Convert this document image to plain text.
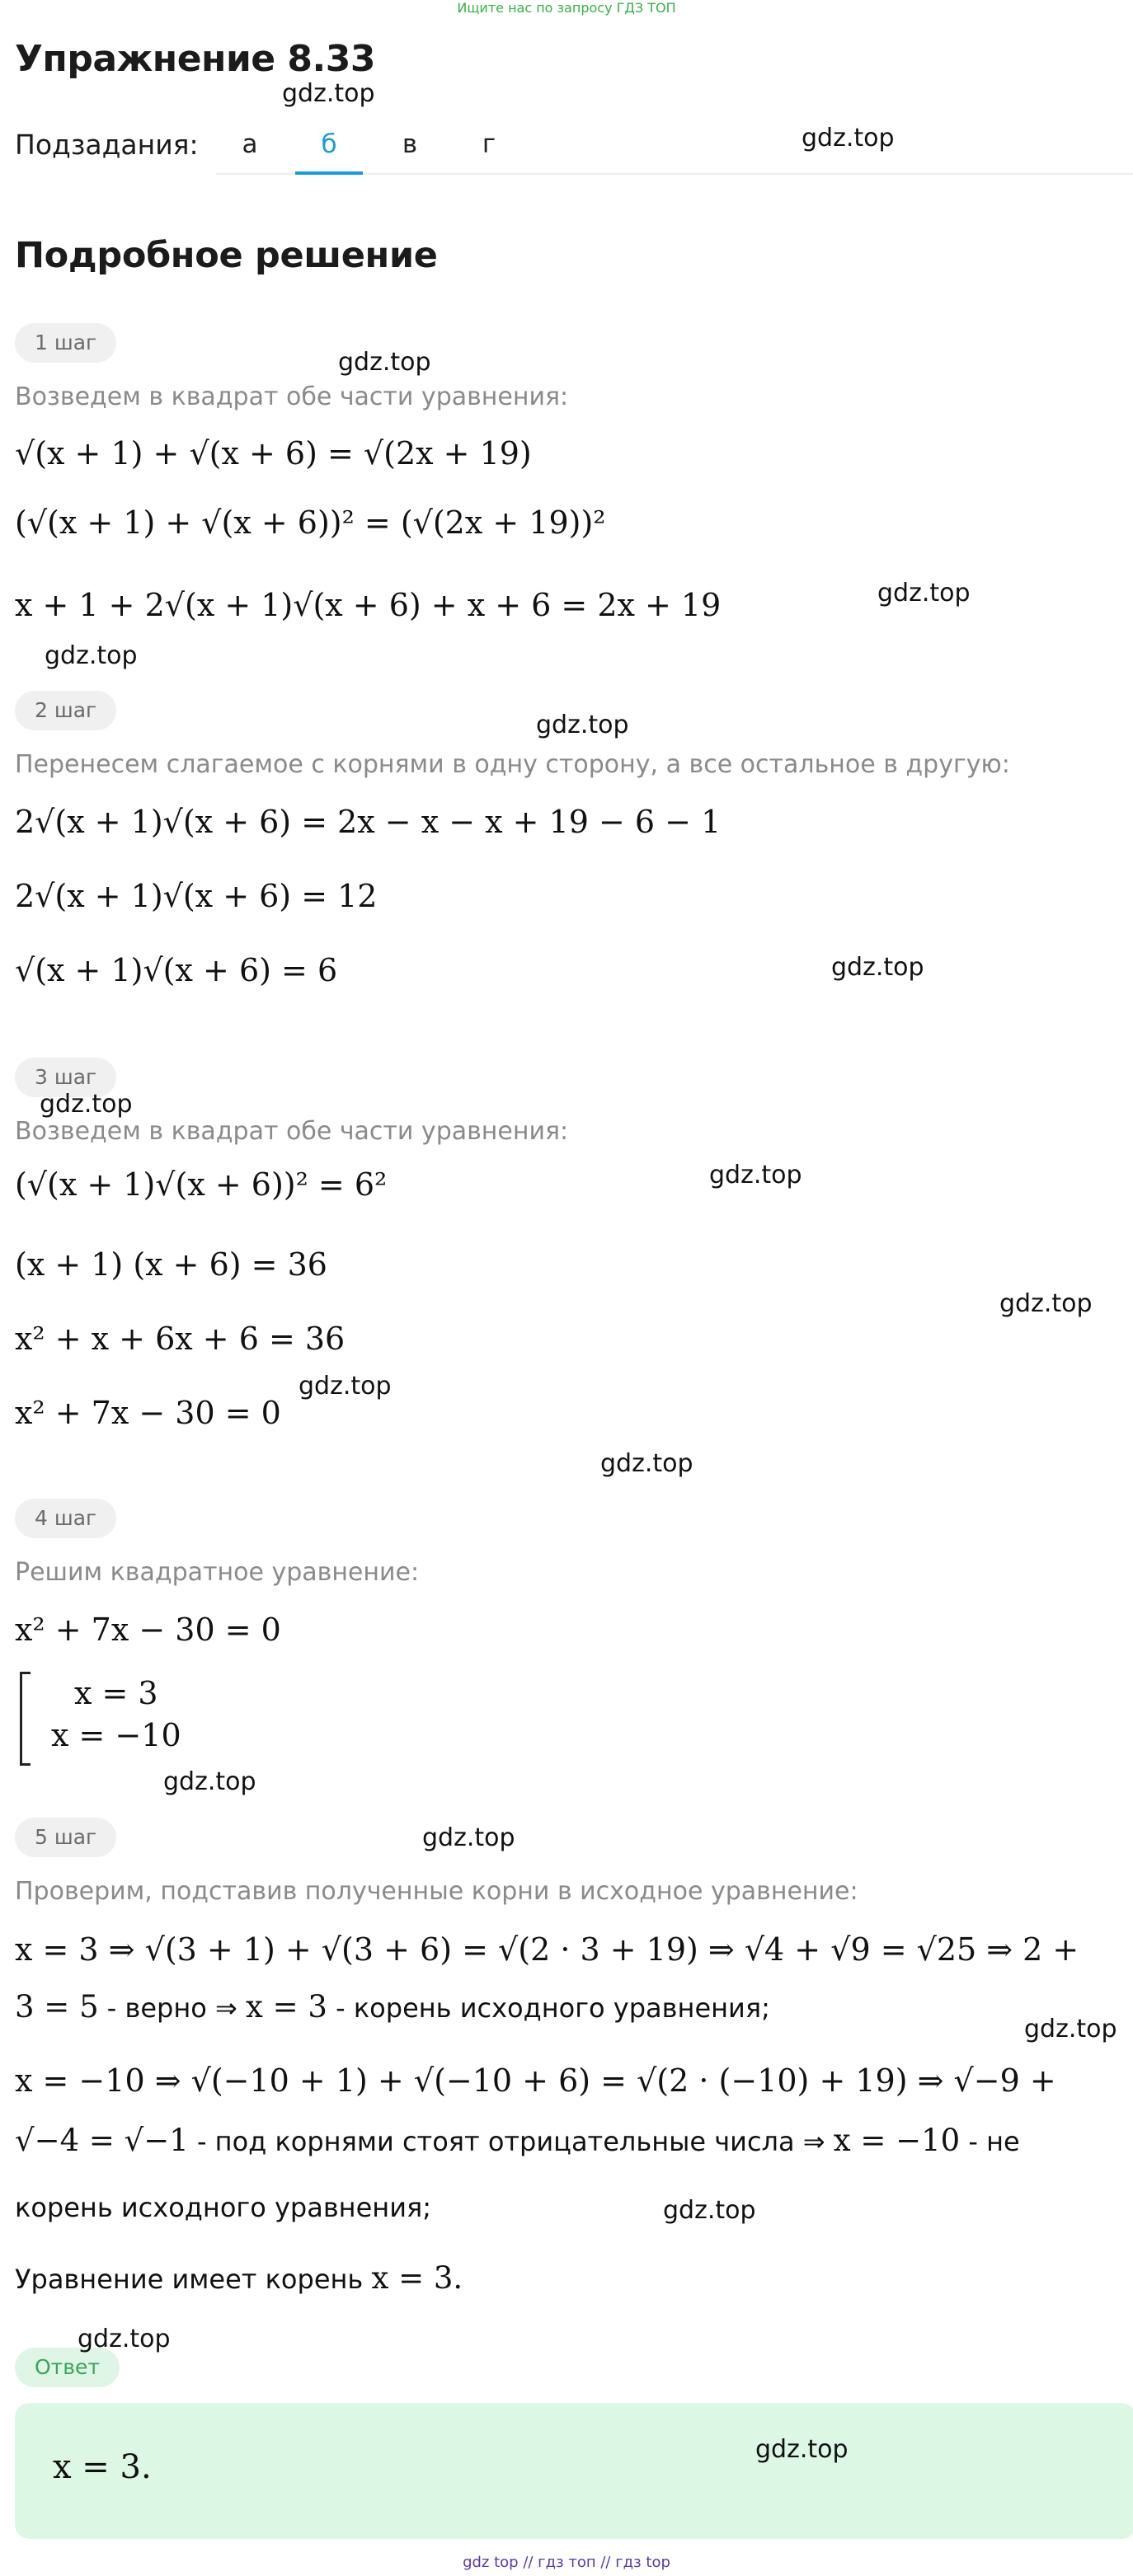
Ищите нас по запросу ГДЗ ТОП
Упражнение 8.33
Подзадания:	а	б	в	г
Подробное решение
1 шаг
Возведем в квадрат обе части уравнения:
√(x + 1) + √(x + 6) = √(2x + 19)
(√(x + 1) + √(x + 6))² = (√(2x + 19))²
x + 1 + 2√(x + 1)√(x + 6) + x + 6 = 2x + 19
2 шаг
Перенесем слагаемое с корнями в одну сторону, а все остальное в другую:
2√(x + 1)√(x + 6) = 2x − x − x + 19 − 6 − 1
2√(x + 1)√(x + 6) = 12
√(x + 1)√(x + 6) = 6
3 шаг
Возведем в квадрат обе части уравнения:
(√(x + 1)√(x + 6))² = 6²
(x + 1) (x + 6) = 36
x² + x + 6x + 6 = 36
x² + 7x − 30 = 0
4 шаг
Решим квадратное уравнение:
x² + 7x − 30 = 0
x = 3
x = −10
5 шаг
Проверим, подставив полученные корни в исходное уравнение:
x = 3 ⇒ √(3 + 1) + √(3 + 6) = √(2 · 3 + 19) ⇒ √4 + √9 = √25 ⇒ 2 +
3 = 5 - верно ⇒ x = 3 - корень исходного уравнения;
x = −10 ⇒ √(−10 + 1) + √(−10 + 6) = √(2 · (−10) + 19) ⇒ √−9 +
√−4 = √−1 - под корнями стоят отрицательные числа ⇒ x = −10 - не
корень исходного уравнения;
Уравнение имеет корень x = 3.
Ответ
x = 3.
gdz.top
gdz.top
gdz.top
gdz.top
gdz.top
gdz.top
gdz.top
gdz.top
gdz.top
gdz.top
gdz.top
gdz.top
gdz.top
gdz.top
gdz.top
gdz.top
gdz.top
gdz.top
gdz top // гдз топ // гдз top
